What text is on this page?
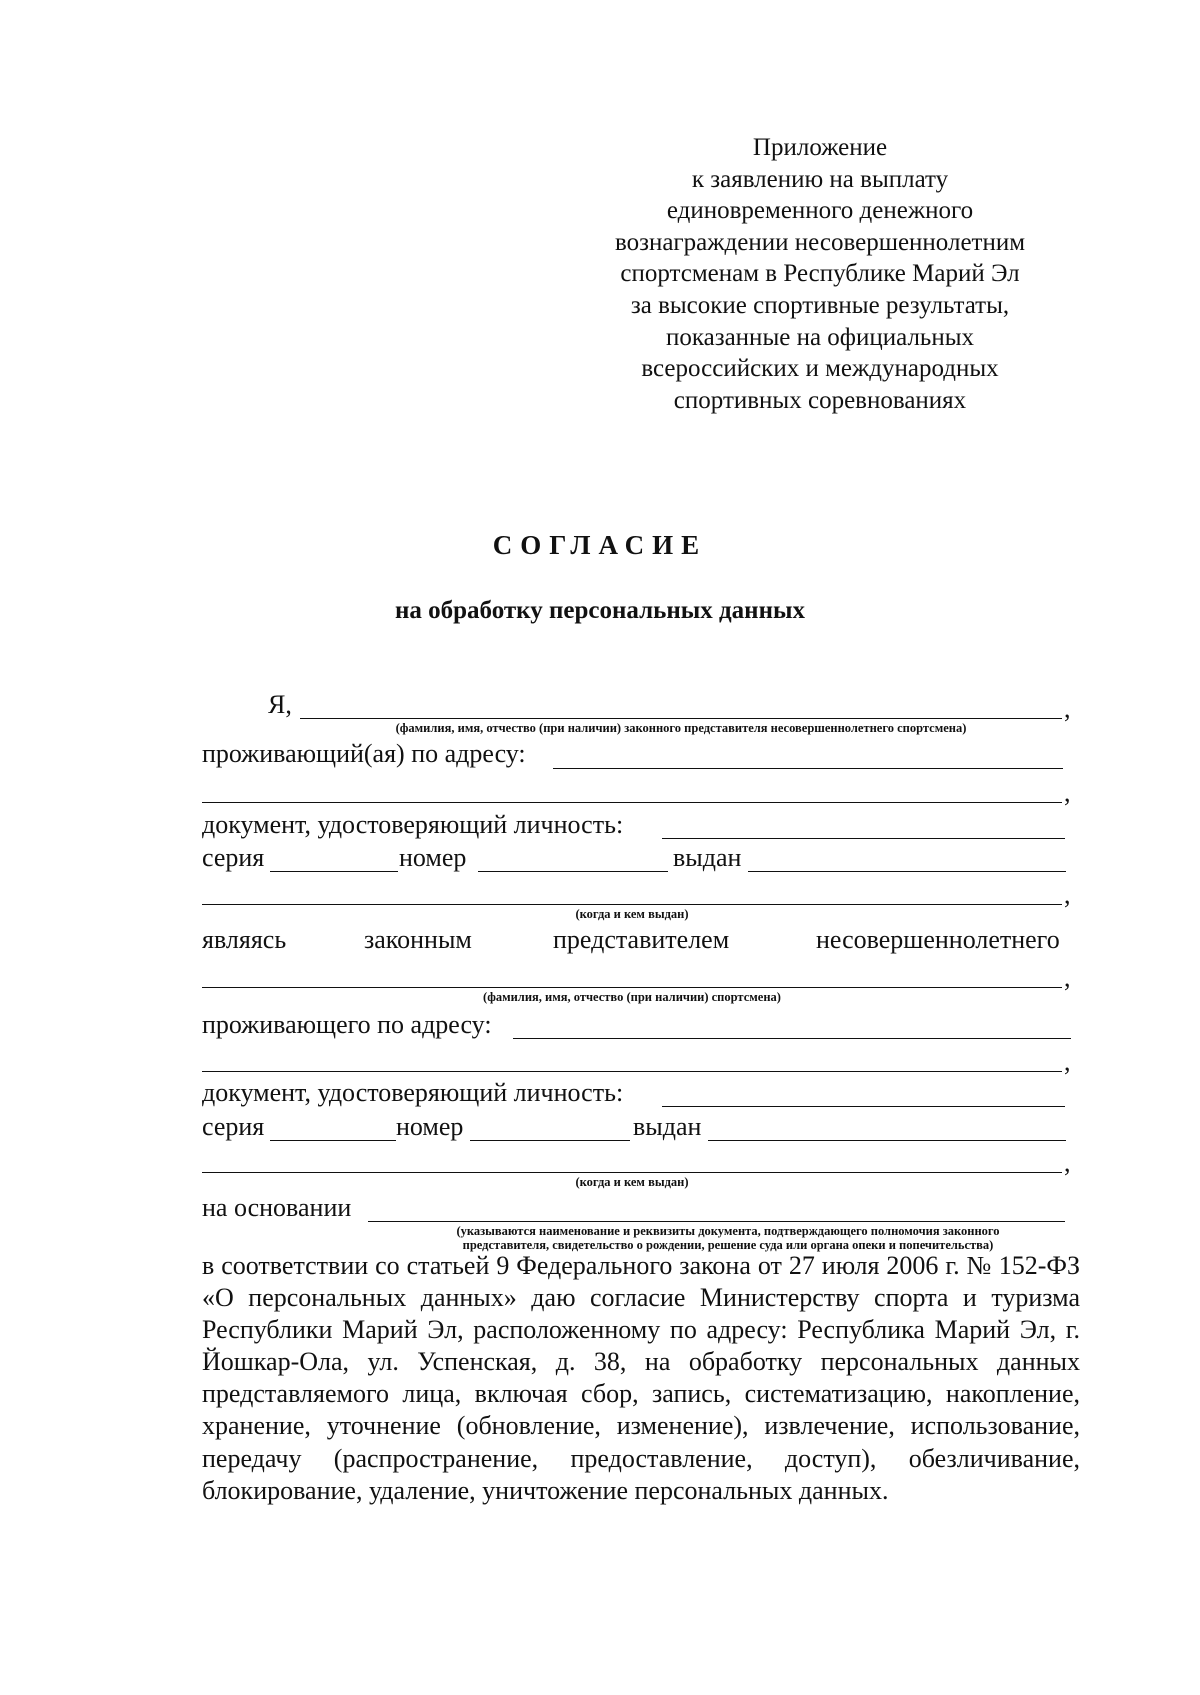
Приложение
к заявлению на выплату
единовременного денежного
вознаграждении несовершеннолетним
спортсменам в Республике Марий Эл
за высокие спортивные результаты,
показанные на официальных
всероссийских и международных
спортивных соревнованиях
СОГЛАСИЕ
на обработку персональных данных
Я,	,
(фамилия, имя, отчество (при наличии) законного представителя несовершеннолетнего спортсмена)
проживающий(ая) по адресу:
,
документ, удостоверяющий личность:
серия	номер	выдан
,
(когда и кем выдан)
являясь	законным	представителем	несовершеннолетнего
,
(фамилия, имя, отчество (при наличии) спортсмена)
проживающего по адресу:
,
документ, удостоверяющий личность:
серия	номер	выдан
,
(когда и кем выдан)
на основании
(указываются наименование и реквизиты документа, подтверждающего полномочия законного
представителя, свидетельство о рождении, решение суда или органа опеки и попечительства)
в соответствии со статьей 9 Федерального закона от 27 июля 2006 г. № 152-ФЗ «О персональных данных» даю согласие Министерству спорта и туризма Республики Марий Эл, расположенному по адресу: Республика Марий Эл, г. Йошкар-Ола, ул. Успенская, д. 38, на обработку персональных данных представляемого лица, включая сбор, запись, систематизацию, накопление, хранение, уточнение (обновление, изменение), извлечение, использование, передачу (распространение, предоставление, доступ), обезличивание, блокирование, удаление, уничтожение персональных данных.
